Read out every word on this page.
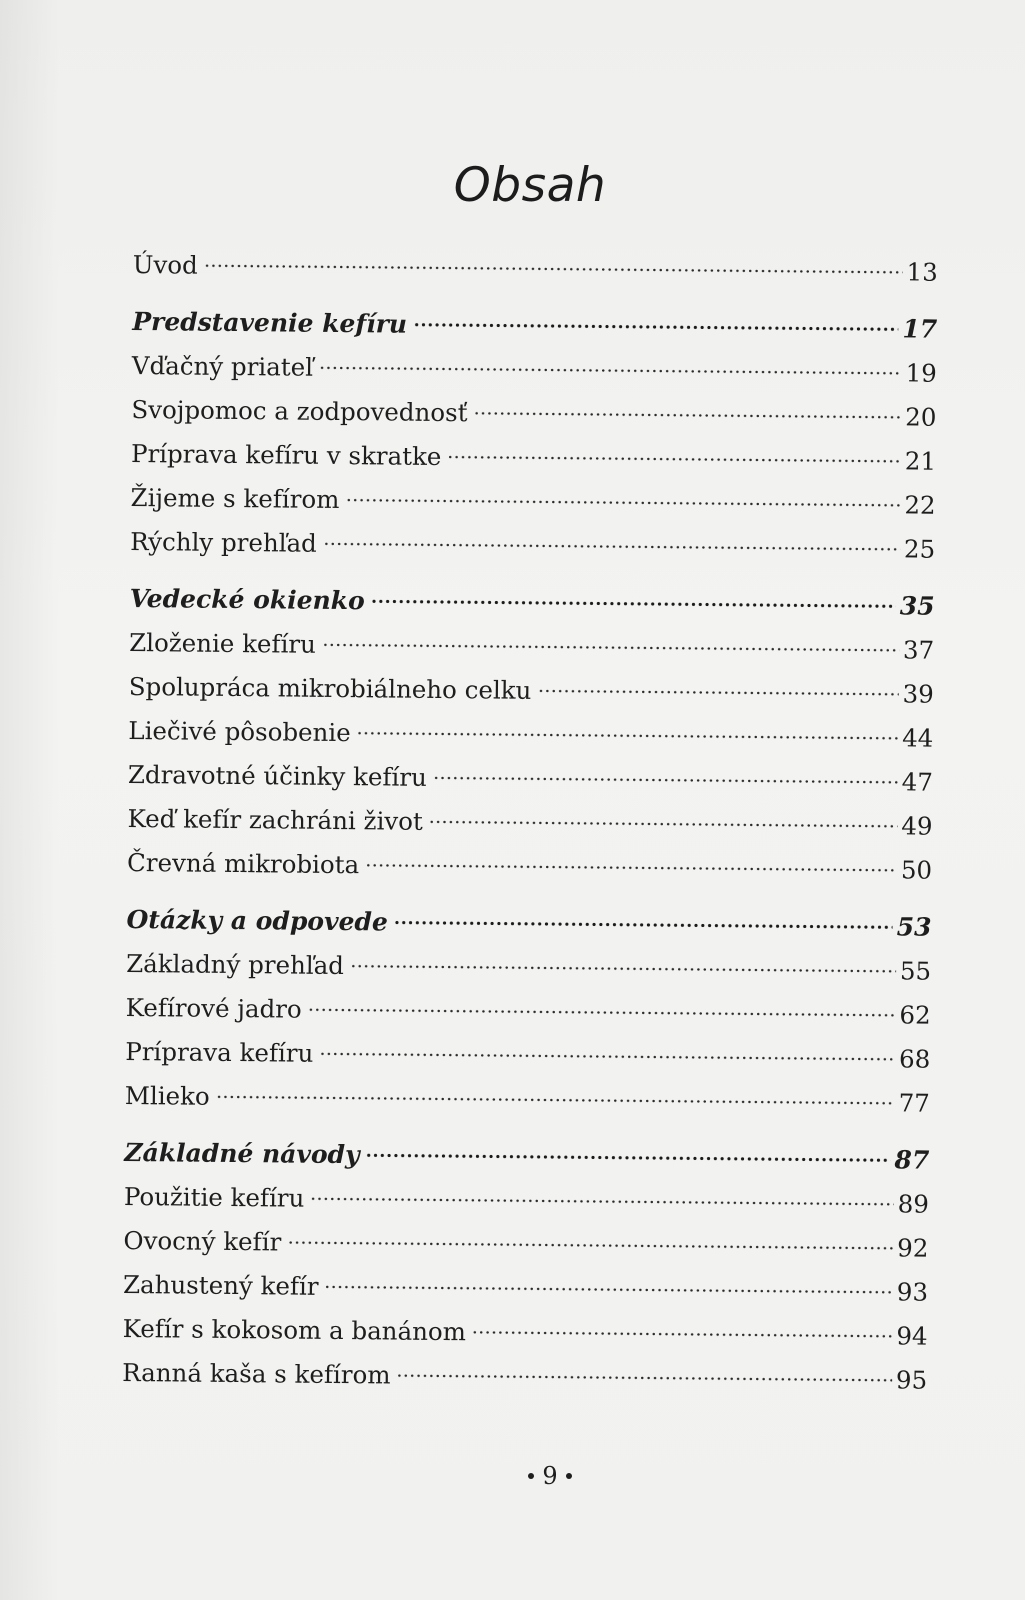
Obsah
Úvod	13
Predstavenie kefíru	17
Vďačný priateľ	19
Svojpomoc a zodpovednosť	20
Príprava kefíru v skratke	21
Žijeme s kefírom	22
Rýchly prehľad	25
Vedecké okienko	35
Zloženie kefíru	37
Spolupráca mikrobiálneho celku	39
Liečivé pôsobenie	44
Zdravotné účinky kefíru	47
Keď kefír zachráni život	49
Črevná mikrobiota	50
Otázky a odpovede	53
Základný prehľad	55
Kefírové jadro	62
Príprava kefíru	68
Mlieko	77
Základné návody	87
Použitie kefíru	89
Ovocný kefír	92
Zahustený kefír	93
Kefír s kokosom a banánom	94
Ranná kaša s kefírom	95
9
